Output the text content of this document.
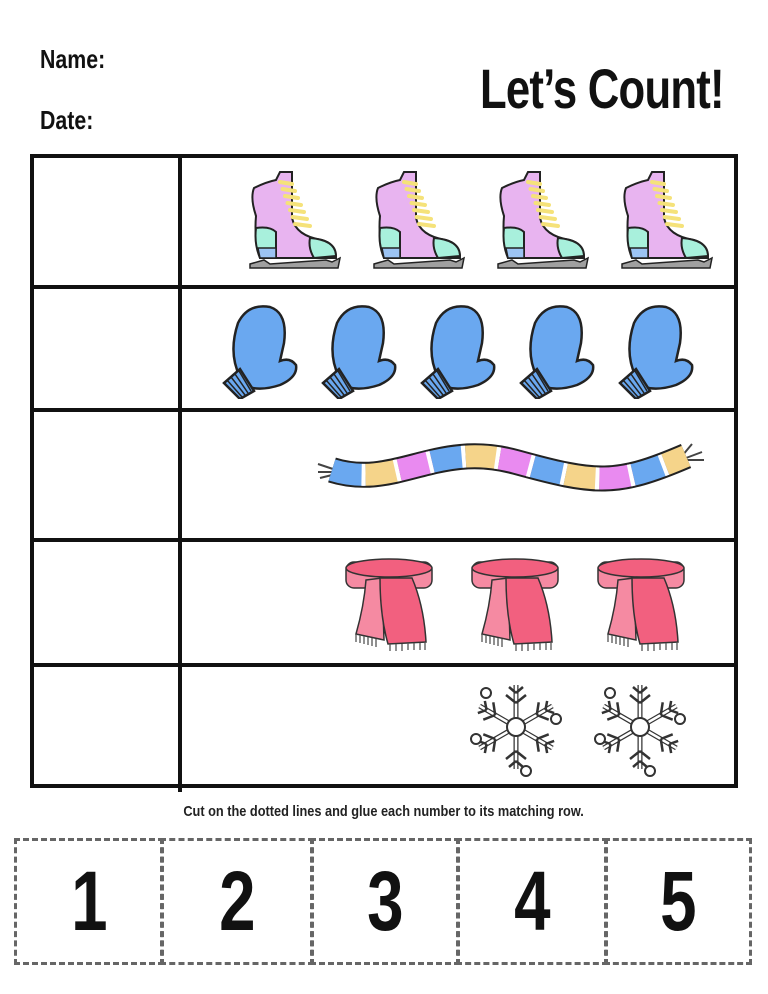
Name:
Date:	Let’s Count!
Cut on the dotted lines and glue each number to its matching row.
1 2 3 4 5
